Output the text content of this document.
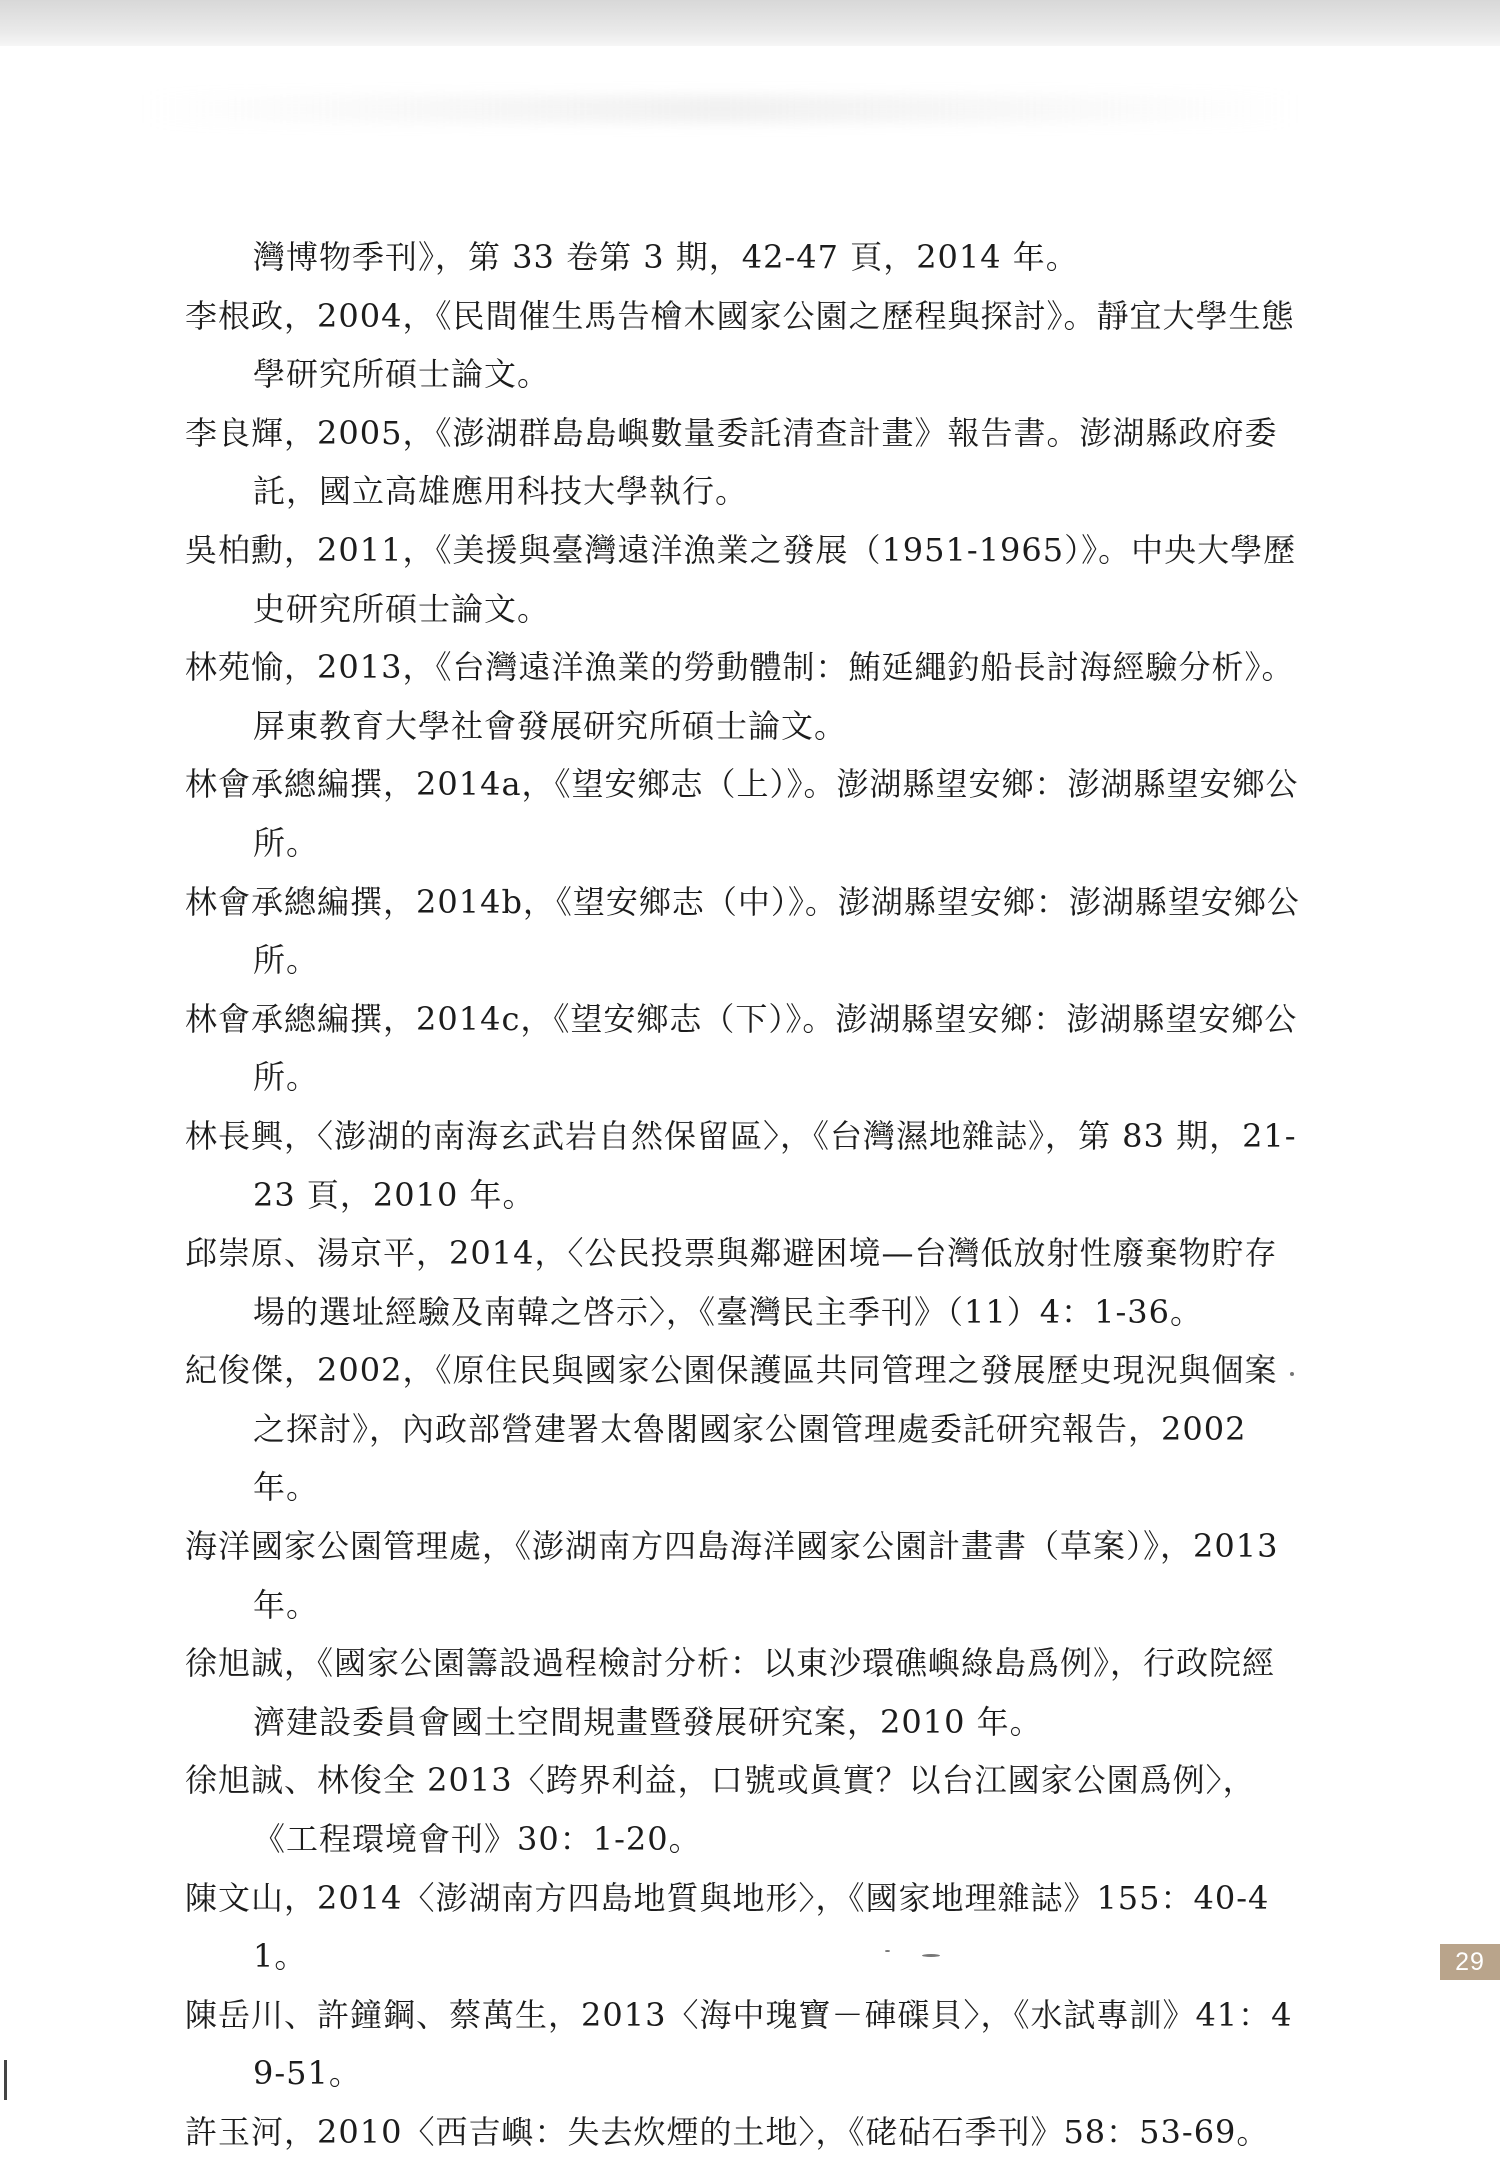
灣博物季刊》，第 33 卷第 3 期，42-47 頁，2014 年。

李根政，2004，《民間催生馬告檜木國家公園之歷程與探討》。靜宜大學生態學研究所碩士論文。

李良輝，2005，《澎湖群島島嶼數量委託清查計畫》報告書。澎湖縣政府委託，國立高雄應用科技大學執行。

吳柏勳，2011，《美援與臺灣遠洋漁業之發展（1951-1965）》。中央大學歷史研究所碩士論文。

林苑愉，2013，《台灣遠洋漁業的勞動體制：鮪延繩釣船長討海經驗分析》。屏東教育大學社會發展研究所碩士論文。

林會承總編撰，2014a，《望安鄉志（上）》。澎湖縣望安鄉：澎湖縣望安鄉公所。

林會承總編撰，2014b，《望安鄉志（中）》。澎湖縣望安鄉：澎湖縣望安鄉公所。

林會承總編撰，2014c，《望安鄉志（下）》。澎湖縣望安鄉：澎湖縣望安鄉公所。

林長興，〈澎湖的南海玄武岩自然保留區〉，《台灣濕地雜誌》，第 83 期，21-23 頁，2010 年。

邱崇原、湯京平，2014，〈公民投票與鄰避困境—台灣低放射性廢棄物貯存場的選址經驗及南韓之啓示〉，《臺灣民主季刊》（11）4：1-36。

紀俊傑，2002，《原住民與國家公園保護區共同管理之發展歷史現況與個案之探討》，內政部營建署太魯閣國家公園管理處委託研究報告，2002 年。

海洋國家公園管理處，《澎湖南方四島海洋國家公園計畫書（草案）》，2013 年。

徐旭誠，《國家公園籌設過程檢討分析：以東沙環礁嶼綠島爲例》，行政院經濟建設委員會國土空間規畫暨發展研究案，2010 年。

徐旭誠、林俊全 2013〈跨界利益，口號或眞實？以台江國家公園爲例〉，《工程環境會刊》30：1-20。

陳文山，2014〈澎湖南方四島地質與地形〉，《國家地理雜誌》155：40-41。

陳岳川、許鐘鋼、蔡萬生，2013〈海中瑰寶－硨磲貝〉，《水試專訓》41：49-51。

許玉河，2010〈西吉嶼：失去炊煙的土地〉，《硓砧石季刊》58：53-69。

29
